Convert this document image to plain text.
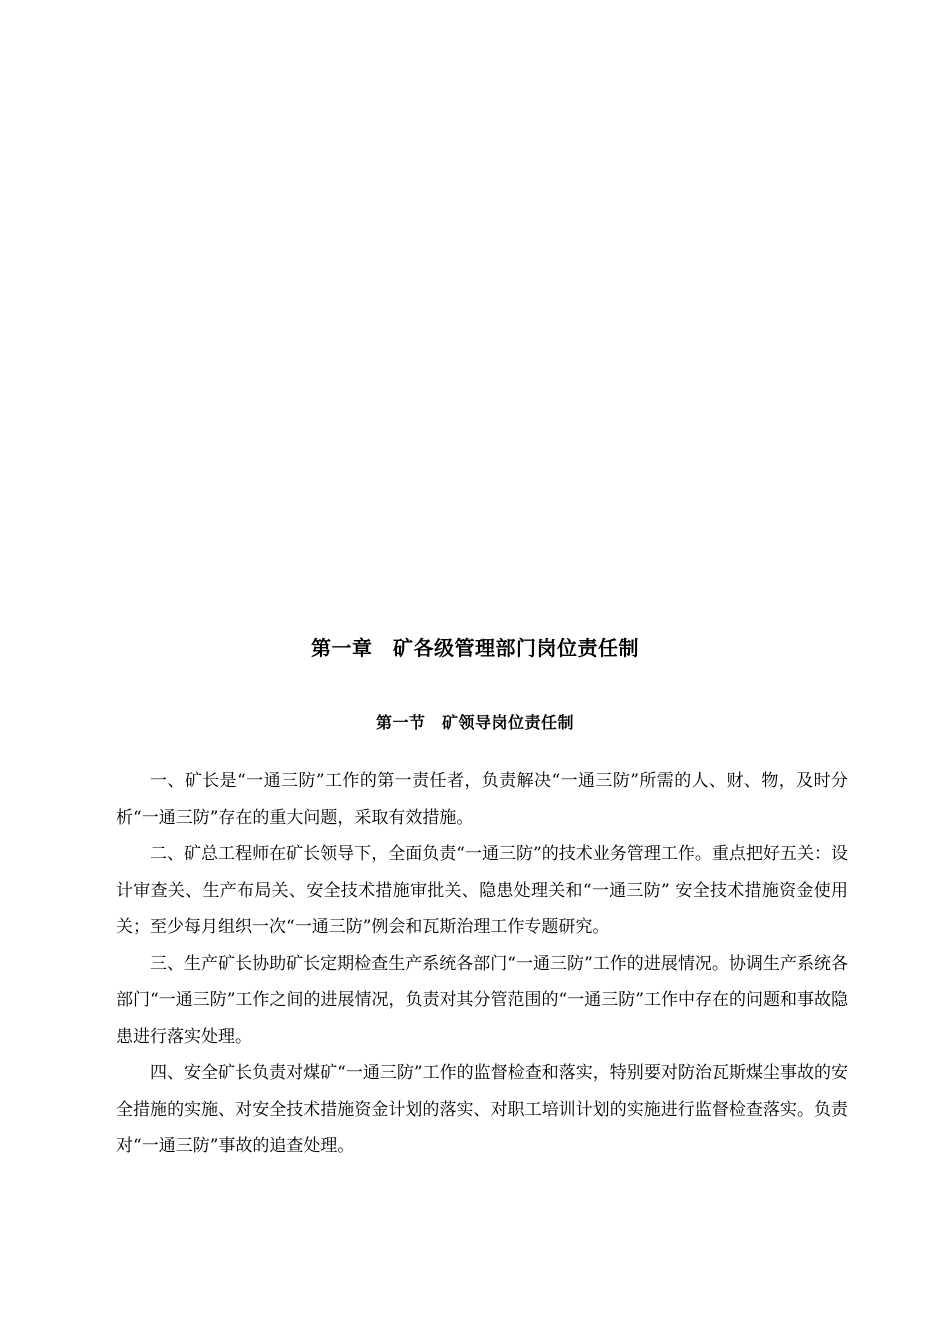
第一章　矿各级管理部门岗位责任制
第一节　矿领导岗位责任制

一、矿长是“一通三防”工作的第一责任者，负责解决“一通三防”所需的人、财、物，及时分析“一通三防”存在的重大问题，采取有效措施。

二、矿总工程师在矿长领导下，全面负责“一通三防”的技术业务管理工作。重点把好五关：设计审查关、生产布局关、安全技术措施审批关、隐患处理关和“一通三防” 安全技术措施资金使用关；至少每月组织一次“一通三防”例会和瓦斯治理工作专题研究。

三、生产矿长协助矿长定期检查生产系统各部门“一通三防”工作的进展情况。协调生产系统各部门“一通三防”工作之间的进展情况，负责对其分管范围的“一通三防”工作中存在的问题和事故隐患进行落实处理。

四、安全矿长负责对煤矿“一通三防”工作的监督检查和落实，特别要对防治瓦斯煤尘事故的安全措施的实施、对安全技术措施资金计划的落实、对职工培训计划的实施进行监督检查落实。负责对“一通三防”事故的追查处理。
